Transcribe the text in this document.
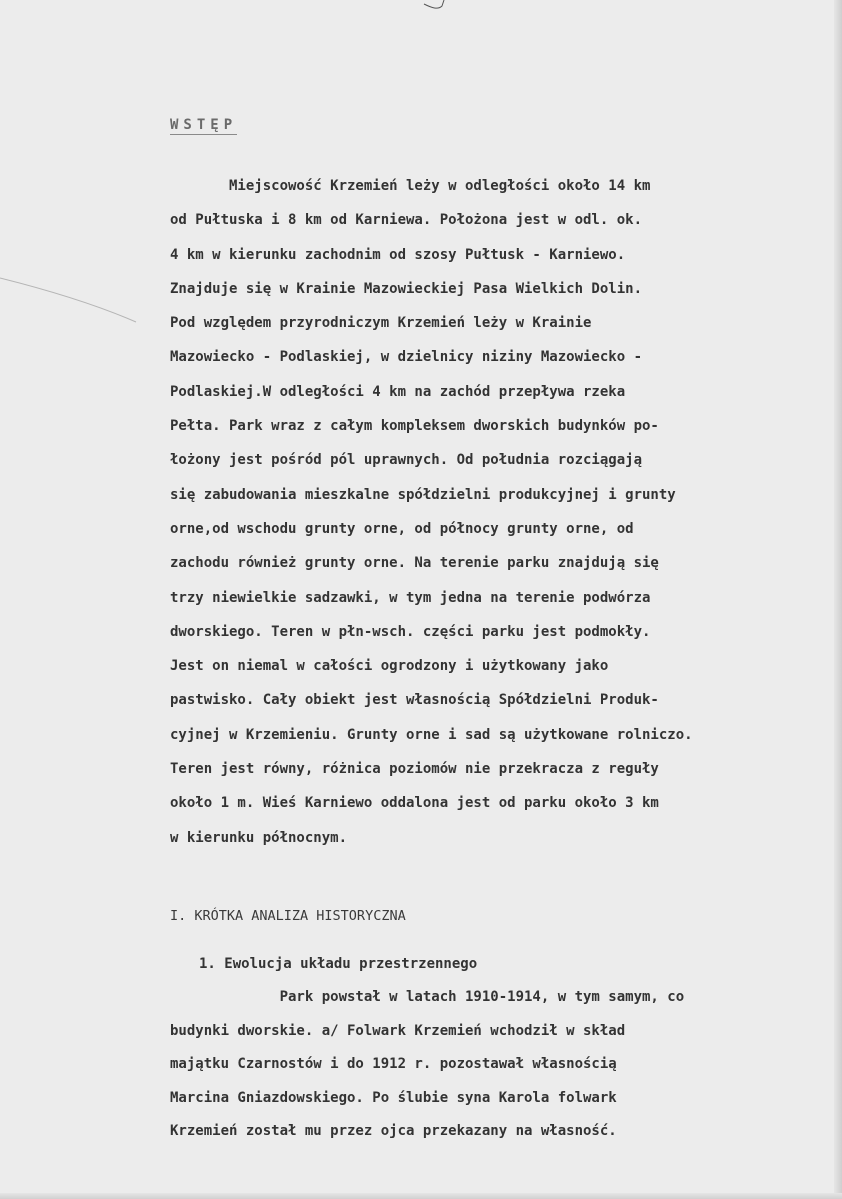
WSTĘP
Miejscowość Krzemień leży w odległości około 14 km
od Pułtuska i 8 km od Karniewa. Położona jest w odl. ok.
4 km w kierunku zachodnim od szosy Pułtusk - Karniewo.
Znajduje się w Krainie Mazowieckiej Pasa Wielkich Dolin.
Pod względem przyrodniczym Krzemień leży w Krainie
Mazowiecko - Podlaskiej, w dzielnicy niziny Mazowiecko -
Podlaskiej.W odległości 4 km na zachód przepływa rzeka
Pełta. Park wraz z całym kompleksem dworskich budynków po-
łożony jest pośród pól uprawnych. Od południa rozciągają
się zabudowania mieszkalne spółdzielni produkcyjnej i grunty
orne,od wschodu grunty orne, od północy grunty orne, od
zachodu również grunty orne. Na terenie parku znajdują się
trzy niewielkie sadzawki, w tym jedna na terenie podwórza
dworskiego. Teren w płn-wsch. części parku jest podmokły.
Jest on niemal w całości ogrodzony i użytkowany jako
pastwisko. Cały obiekt jest własnością Spółdzielni Produk-
cyjnej w Krzemieniu. Grunty orne i sad są użytkowane rolniczo.
Teren jest równy, różnica poziomów nie przekracza z reguły
około 1 m. Wieś Karniewo oddalona jest od parku około 3 km
w kierunku północnym.
I. KRÓTKA ANALIZA HISTORYCZNA
1. Ewolucja układu przestrzennego
Park powstał w latach 1910-1914, w tym samym, co
budynki dworskie. a/ Folwark Krzemień wchodził w skład
majątku Czarnostów i do 1912 r. pozostawał własnością
Marcina Gniazdowskiego. Po ślubie syna Karola folwark
Krzemień został mu przez ojca przekazany na własność.
